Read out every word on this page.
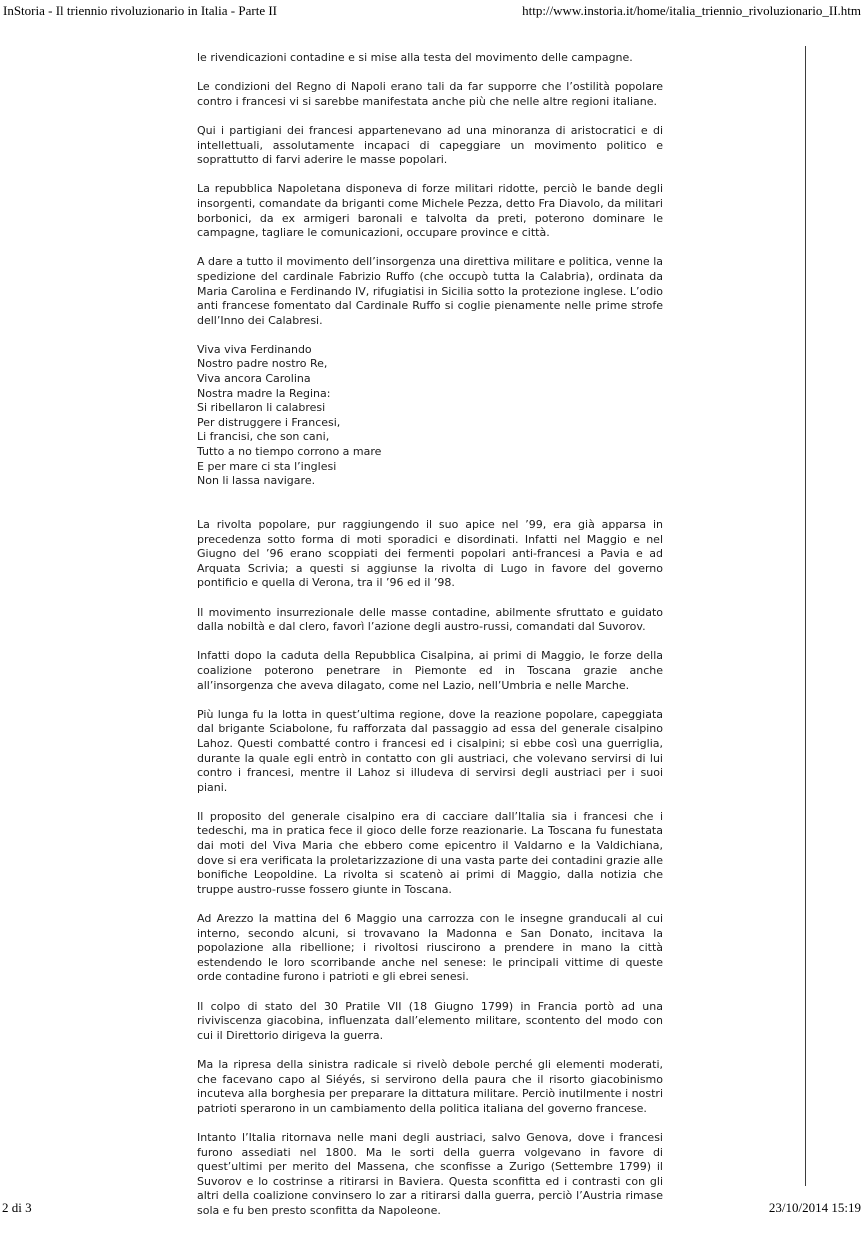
InStoria - Il triennio rivoluzionario in Italia - Parte II	http://www.instoria.it/home/italia_triennio_rivoluzionario_II.htm

le rivendicazioni contadine e si mise alla testa del movimento delle campagne.

Le condizioni del Regno di Napoli erano tali da far supporre che l’ostilità popolare contro i francesi vi si sarebbe manifestata anche più che nelle altre regioni italiane.

Qui i partigiani dei francesi appartenevano ad una minoranza di aristocratici e di intellettuali, assolutamente incapaci di capeggiare un movimento politico e soprattutto di farvi aderire le masse popolari.

La repubblica Napoletana disponeva di forze militari ridotte, perciò le bande degli insorgenti, comandate da briganti come Michele Pezza, detto Fra Diavolo, da militari borbonici, da ex armigeri baronali e talvolta da preti, poterono dominare le campagne, tagliare le comunicazioni, occupare province e città.

A dare a tutto il movimento dell’insorgenza una direttiva militare e politica, venne la spedizione del cardinale Fabrizio Ruffo (che occupò tutta la Calabria), ordinata da Maria Carolina e Ferdinando IV, rifugiatisi in Sicilia sotto la protezione inglese. L’odio anti francese fomentato dal Cardinale Ruffo si coglie pienamente nelle prime strofe dell’Inno dei Calabresi.

Viva viva Ferdinando
Nostro padre nostro Re,
Viva ancora Carolina
Nostra madre la Regina:
Si ribellaron li calabresi
Per distruggere i Francesi,
Li francisi, che son cani,
Tutto a no tiempo corrono a mare
E per mare ci sta l’inglesi
Non li lassa navigare.

La rivolta popolare, pur raggiungendo il suo apice nel ’99, era già apparsa in precedenza sotto forma di moti sporadici e disordinati. Infatti nel Maggio e nel Giugno del ’96 erano scoppiati dei fermenti popolari anti-francesi a Pavia e ad Arquata Scrivia; a questi si aggiunse la rivolta di Lugo in favore del governo pontificio e quella di Verona, tra il ’96 ed il ’98.

Il movimento insurrezionale delle masse contadine, abilmente sfruttato e guidato dalla nobiltà e dal clero, favorì l’azione degli austro-russi, comandati dal Suvorov.

Infatti dopo la caduta della Repubblica Cisalpina, ai primi di Maggio, le forze della coalizione poterono penetrare in Piemonte ed in Toscana grazie anche all’insorgenza che aveva dilagato, come nel Lazio, nell’Umbria e nelle Marche.

Più lunga fu la lotta in quest’ultima regione, dove la reazione popolare, capeggiata dal brigante Sciabolone, fu rafforzata dal passaggio ad essa del generale cisalpino Lahoz. Questi combatté contro i francesi ed i cisalpini; si ebbe così una guerriglia, durante la quale egli entrò in contatto con gli austriaci, che volevano servirsi di lui contro i francesi, mentre il Lahoz si illudeva di servirsi degli austriaci per i suoi piani.

Il proposito del generale cisalpino era di cacciare dall’Italia sia i francesi che i tedeschi, ma in pratica fece il gioco delle forze reazionarie. La Toscana fu funestata dai moti del Viva Maria che ebbero come epicentro il Valdarno e la Valdichiana, dove si era verificata la proletarizzazione di una vasta parte dei contadini grazie alle bonifiche Leopoldine. La rivolta si scatenò ai primi di Maggio, dalla notizia che truppe austro-russe fossero giunte in Toscana.

Ad Arezzo la mattina del 6 Maggio una carrozza con le insegne granducali al cui interno, secondo alcuni, si trovavano la Madonna e San Donato, incitava la popolazione alla ribellione; i rivoltosi riuscirono a prendere in mano la città estendendo le loro scorribande anche nel senese: le principali vittime di queste orde contadine furono i patrioti e gli ebrei senesi.

Il colpo di stato del 30 Pratile VII (18 Giugno 1799) in Francia portò ad una riviviscenza giacobina, influenzata dall’elemento militare, scontento del modo con cui il Direttorio dirigeva la guerra.

Ma la ripresa della sinistra radicale si rivelò debole perché gli elementi moderati, che facevano capo al Siéyés, si servirono della paura che il risorto giacobinismo incuteva alla borghesia per preparare la dittatura militare. Perciò inutilmente i nostri patrioti sperarono in un cambiamento della politica italiana del governo francese.

Intanto l’Italia ritornava nelle mani degli austriaci, salvo Genova, dove i francesi furono assediati nel 1800. Ma le sorti della guerra volgevano in favore di quest’ultimi per merito del Massena, che sconfisse a Zurigo (Settembre 1799) il Suvorov e lo costrinse a ritirarsi in Baviera. Questa sconfitta ed i contrasti con gli altri della coalizione convinsero lo zar a ritirarsi dalla guerra, perciò l’Austria rimase sola e fu ben presto sconfitta da Napoleone.

2 di 3	23/10/2014 15:19
